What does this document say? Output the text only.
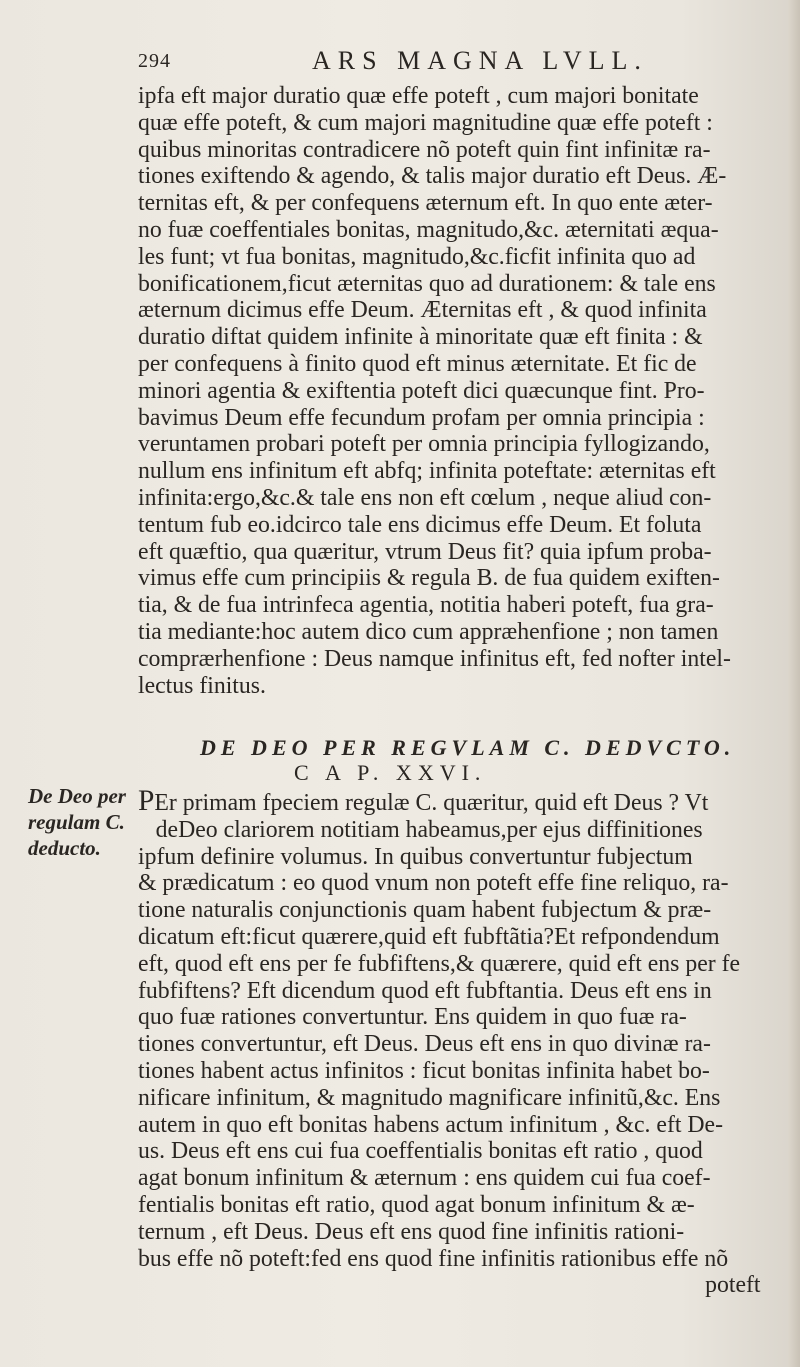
294	ARS MAGNA LVLL.
ipfa eft major duratio quæ effe poteft , cum majori bonitate
quæ effe poteft, & cum majori magnitudine quæ effe poteft :
quibus minoritas contradicere nõ poteft quin fint infinitæ ra-
tiones exiftendo & agendo, & talis major duratio eft Deus. Æ-
ternitas eft, & per confequens æternum eft. In quo ente æter-
no fuæ coeffentiales bonitas, magnitudo,&c. æternitati æqua-
les funt; vt fua bonitas, magnitudo,&c.ficfit infinita quo ad
bonificationem,ficut æternitas quo ad durationem: & tale ens
æternum dicimus effe Deum. Æternitas eft , & quod infinita
duratio diftat quidem infinite à minoritate quæ eft finita : &
per confequens à finito quod eft minus æternitate. Et fic de
minori agentia & exiftentia poteft dici quæcunque fint. Pro-
bavimus Deum effe fecundum profam per omnia principia :
veruntamen probari poteft per omnia principia fyllogizando,
nullum ens infinitum eft abfq; infinita poteftate: æternitas eft
infinita:ergo,&c.& tale ens non eft cœlum , neque aliud con-
tentum fub eo.idcirco tale ens dicimus effe Deum. Et foluta
eft quæftio, qua quæritur, vtrum Deus fit? quia ipfum proba-
vimus effe cum principiis & regula B. de fua quidem exiften-
tia, & de fua intrinfeca agentia, notitia haberi poteft, fua gra-
tia mediante:hoc autem dico cum appræhenfione ; non tamen
comprærhenfione : Deus namque infinitus eft, fed nofter intel-
lectus finitus.
DE DEO PER REGVLAM C. DEDVCTO.
C A P. XXVI.
De Deo per
regulam C.
deducto.
PEr primam fpeciem regulæ C. quæritur, quid eft Deus ? Vt
deDeo clariorem notitiam habeamus,per ejus diffinitiones
ipfum definire volumus. In quibus convertuntur fubjectum
& prædicatum : eo quod vnum non poteft effe fine reliquo, ra-
tione naturalis conjunctionis quam habent fubjectum & præ-
dicatum eft:ficut quærere,quid eft fubftãtia?Et refpondendum
eft, quod eft ens per fe fubfiftens,& quærere, quid eft ens per fe
fubfiftens? Eft dicendum quod eft fubftantia. Deus eft ens in
quo fuæ rationes convertuntur. Ens quidem in quo fuæ ra-
tiones convertuntur, eft Deus. Deus eft ens in quo divinæ ra-
tiones habent actus infinitos : ficut bonitas infinita habet bo-
nificare infinitum, & magnitudo magnificare infinitũ,&c. Ens
autem in quo eft bonitas habens actum infinitum , &c. eft De-
us. Deus eft ens cui fua coeffentialis bonitas eft ratio , quod
agat bonum infinitum & æternum : ens quidem cui fua coef-
fentialis bonitas eft ratio, quod agat bonum infinitum & æ-
ternum , eft Deus. Deus eft ens quod fine infinitis rationi-
bus effe nõ poteft:fed ens quod fine infinitis rationibus effe nõ
poteft
